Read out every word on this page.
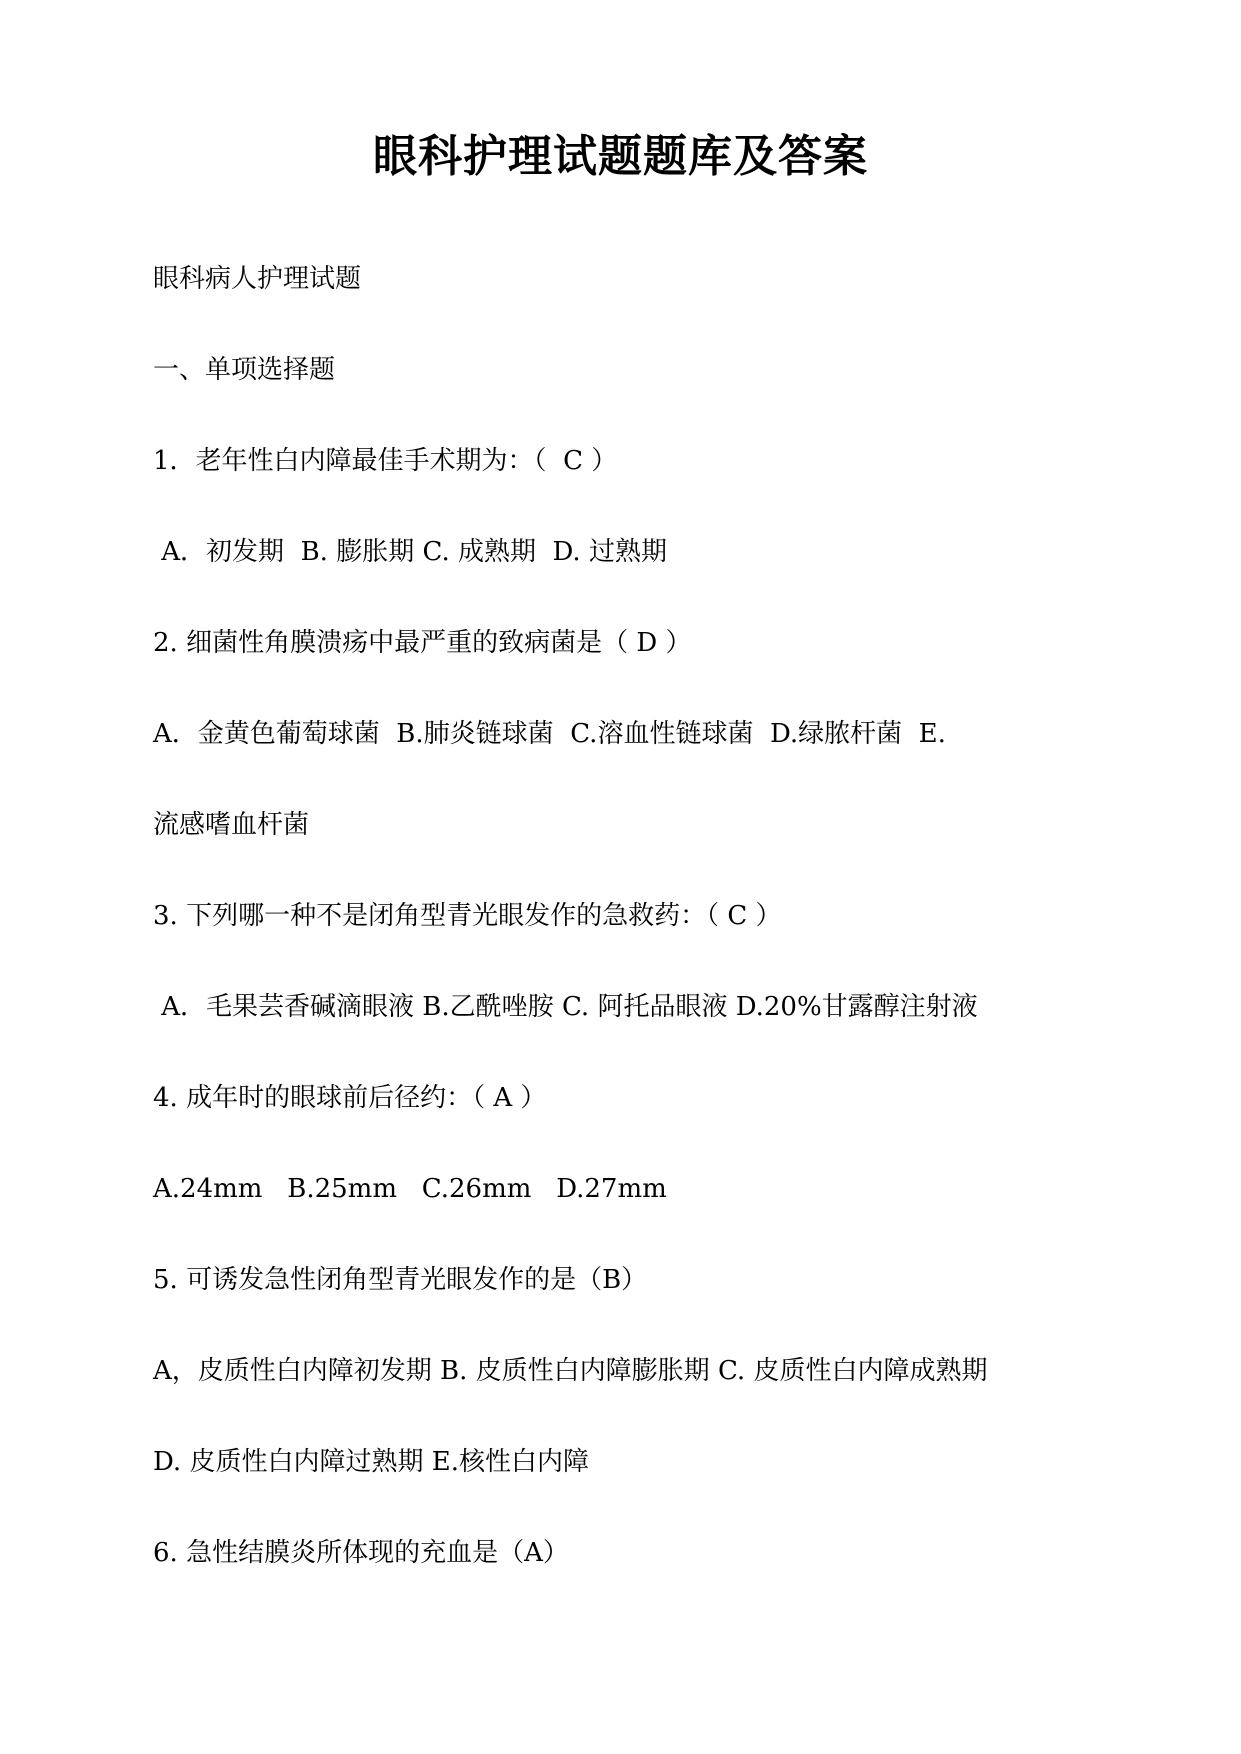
眼科护理试题题库及答案
眼科病人护理试题
一、单项选择题
1．老年性白内障最佳手术期为：（  C ）
A．初发期  B. 膨胀期 C. 成熟期  D. 过熟期
2. 细菌性角膜溃疡中最严重的致病菌是（ D ）
A．金黄色葡萄球菌  B.肺炎链球菌  C.溶血性链球菌  D.绿脓杆菌  E.
流感嗜血杆菌
3. 下列哪一种不是闭角型青光眼发作的急救药：（ C ）
A．毛果芸香碱滴眼液 B.乙酰唑胺 C. 阿托品眼液 D.20%甘露醇注射液
4. 成年时的眼球前后径约：（ A ）
A.24mm   B.25mm   C.26mm   D.27mm
5. 可诱发急性闭角型青光眼发作的是（B）
A，皮质性白内障初发期 B. 皮质性白内障膨胀期 C. 皮质性白内障成熟期
D. 皮质性白内障过熟期 E.核性白内障
6. 急性结膜炎所体现的充血是（A）
